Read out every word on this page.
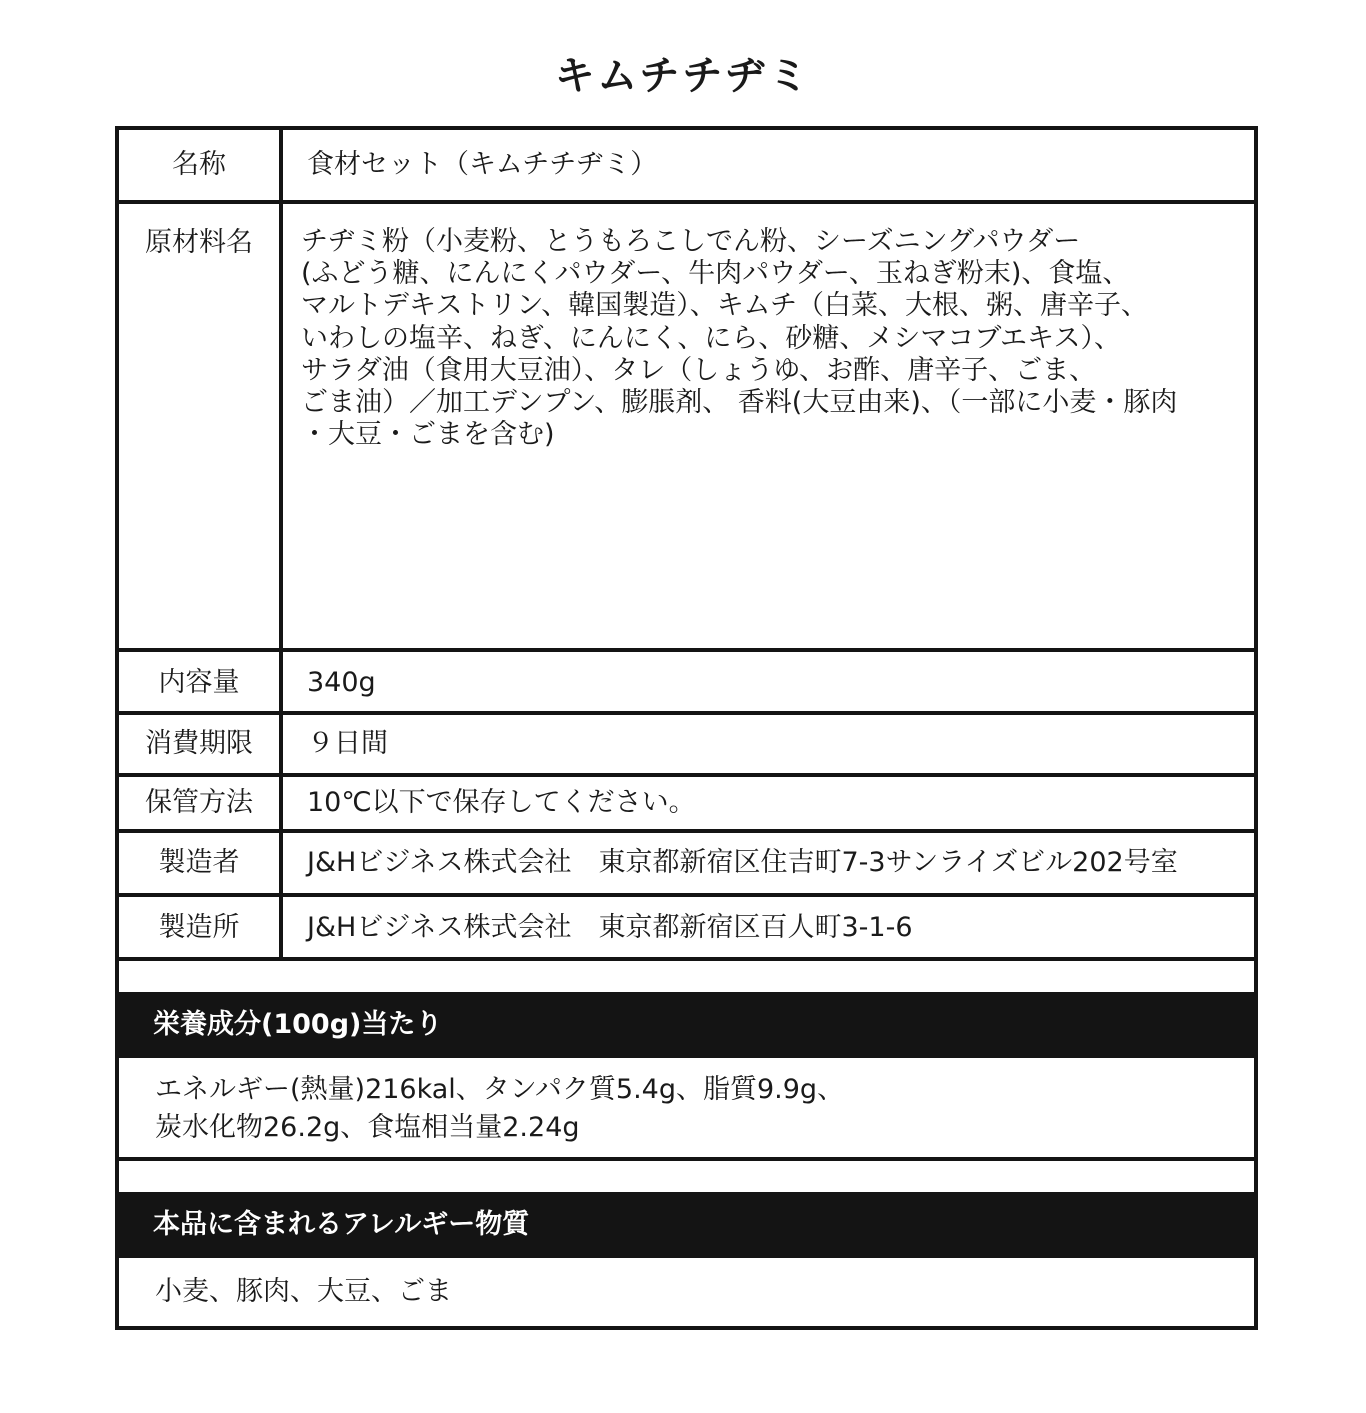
キムチチヂミ
名称	食材セット（キムチチヂミ）
原材料名	チヂミ粉（小麦粉、とうもろこしでん粉、シーズニングパウダー
(ふどう糖、にんにくパウダー、牛肉パウダー、玉ねぎ粉末)、食塩、
マルトデキストリン、韓国製造）、キムチ（白菜、大根、粥、唐辛子、
いわしの塩辛、ねぎ、にんにく、にら、砂糖、メシマコブエキス）、
サラダ油（食用大豆油）、タレ（しょうゆ、お酢、唐辛子、ごま、
ごま油）／加工デンプン、膨脹剤、 香料(大豆由来)、（一部に小麦・豚肉
・大豆・ごまを含む)
内容量	340g
消費期限	９日間
保管方法	10℃以下で保存してください。
製造者	J&Hビジネス株式会社　東京都新宿区住吉町7-3サンライズビル202号室
製造所	J&Hビジネス株式会社　東京都新宿区百人町3-1-6
栄養成分(100g)当たり
エネルギー(熱量)216kal、タンパク質5.4g、脂質9.9g、
炭水化物26.2g、食塩相当量2.24g
本品に含まれるアレルギー物質
小麦、豚肉、大豆、ごま
